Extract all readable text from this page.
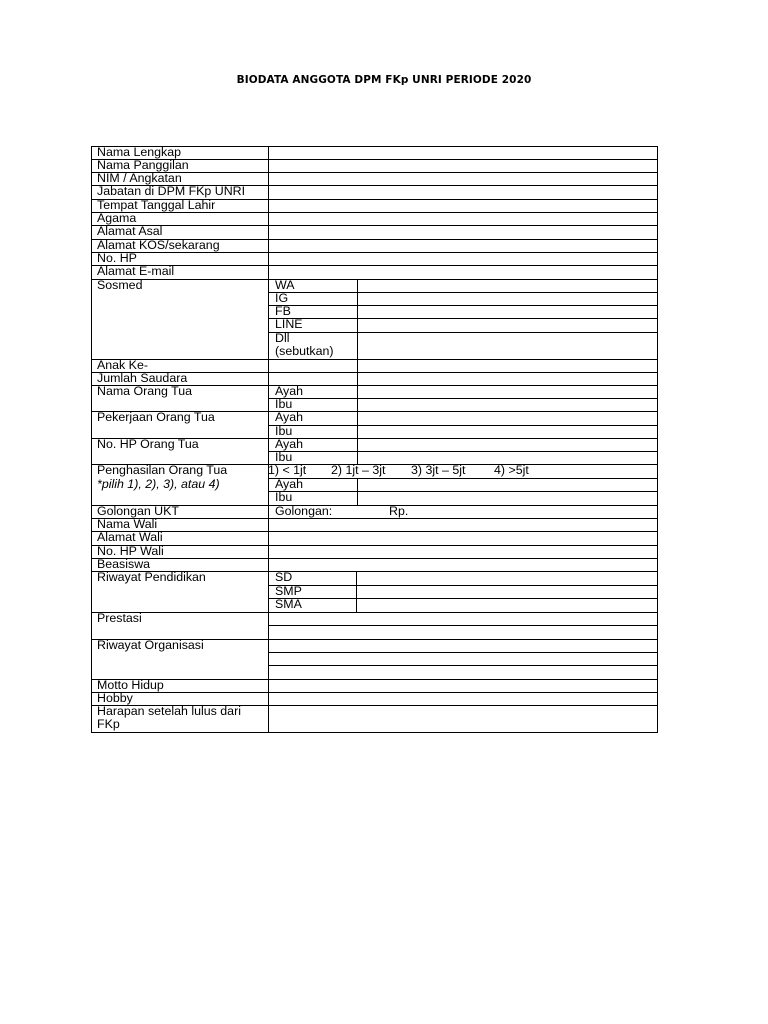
BIODATA ANGGOTA DPM FKp UNRI PERIODE 2020
Nama Lengkap
Nama Panggilan
NIM / Angkatan
Jabatan di DPM FKp UNRI
Tempat Tanggal Lahir
Agama
Alamat Asal
Alamat KOS/sekarang
No. HP
Alamat E-mail
Sosmed
Anak Ke-
Jumlah Saudara
Nama Orang Tua
Pekerjaan Orang Tua
No. HP Orang Tua
Penghasilan Orang Tua
*pilih 1), 2), 3), atau 4)
Golongan UKT
Nama Wali
Alamat Wali
No. HP Wali
Beasiswa
Riwayat Pendidikan
Prestasi
Riwayat Organisasi
Motto Hidup
Hobby
Harapan setelah lulus dari
FKp
WA
IG
FB
LINE
Dll
(sebutkan)
Ayah
Ibu
Ayah
Ibu
Ayah
Ibu
1) < 1jt 2) 1jt – 3jt 3) 3jt – 5jt 4) >5jt
Ayah
Ibu
Golongan:	Rp.
SD
SMP
SMA
